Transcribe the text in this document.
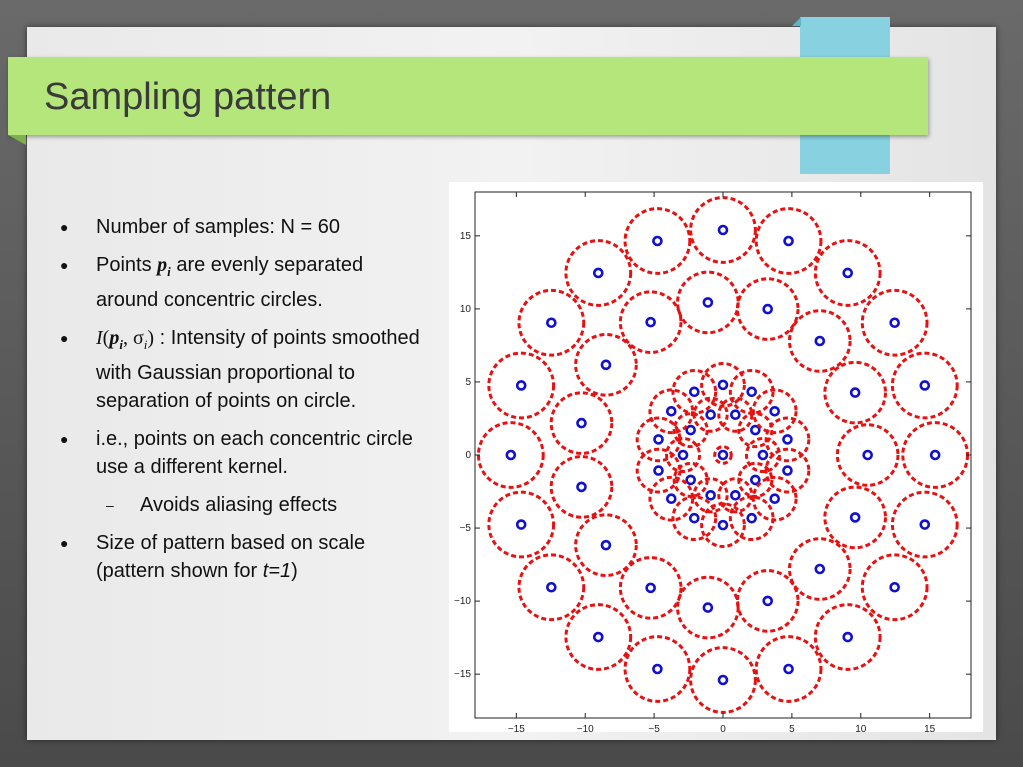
Sampling pattern
● Number of samples: N = 60
● Points $p_i$ are evenly separated around concentric circles.
● $I(p_i$, $\sigma_i$) : Intensity of points smoothed with Gaussian proportional to separation of points on circle.
● i.e., points on each concentric circle use a different kernel.
– Avoids aliasing effects
● Size of pattern based on scale (pattern shown for t=1)
−15	−10	−5	0	5	10	15
−15
−10
−5
0
5
10
15
